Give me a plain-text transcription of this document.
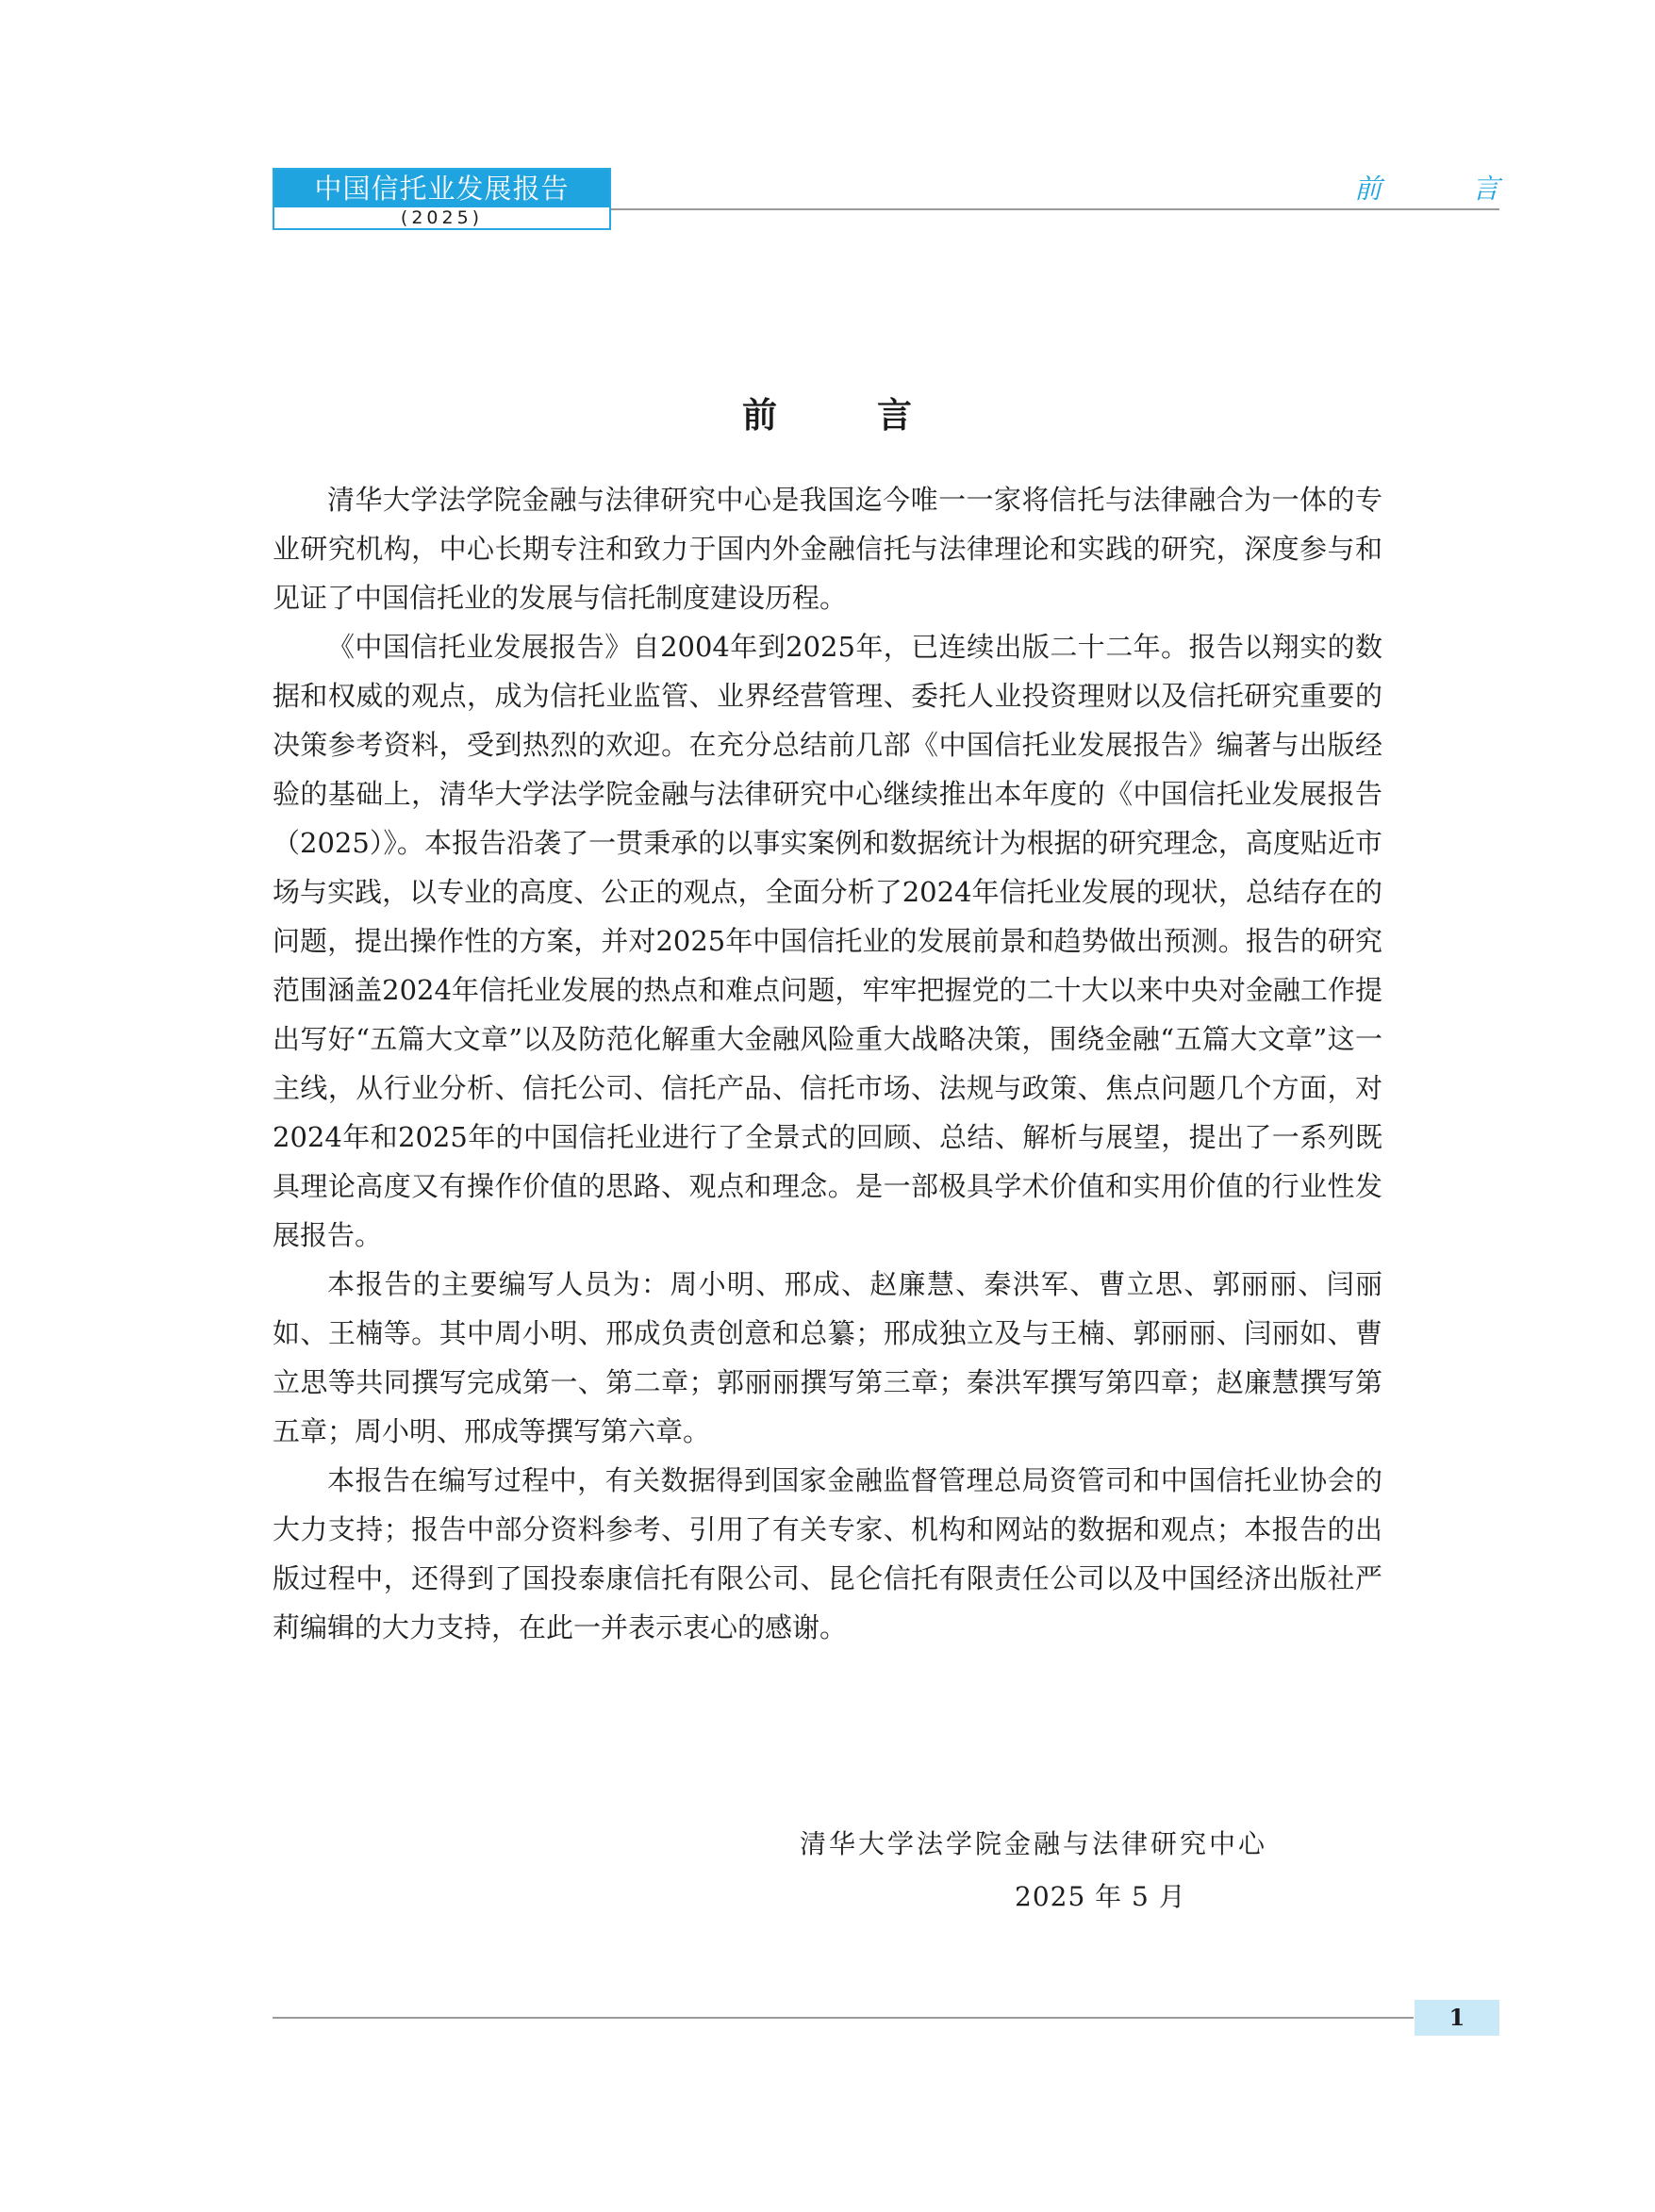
中国信托业发展报告
(2025)
前 言
前 言

清华大学法学院金融与法律研究中心是我国迄今唯一一家将信托与法律融合为一体的专业研究机构，中心长期专注和致力于国内外金融信托与法律理论和实践的研究，深度参与和见证了中国信托业的发展与信托制度建设历程。

《中国信托业发展报告》自2004年到2025年，已连续出版二十二年。报告以翔实的数据和权威的观点，成为信托业监管、业界经营管理、委托人业投资理财以及信托研究重要的决策参考资料，受到热烈的欢迎。在充分总结前几部《中国信托业发展报告》编著与出版经验的基础上，清华大学法学院金融与法律研究中心继续推出本年度的《中国信托业发展报告（2025）》。本报告沿袭了一贯秉承的以事实案例和数据统计为根据的研究理念，高度贴近市场与实践，以专业的高度、公正的观点，全面分析了2024年信托业发展的现状，总结存在的问题，提出操作性的方案，并对2025年中国信托业的发展前景和趋势做出预测。报告的研究范围涵盖2024年信托业发展的热点和难点问题，牢牢把握党的二十大以来中央对金融工作提出写好“五篇大文章”以及防范化解重大金融风险重大战略决策，围绕金融“五篇大文章”这一主线，从行业分析、信托公司、信托产品、信托市场、法规与政策、焦点问题几个方面，对2024年和2025年的中国信托业进行了全景式的回顾、总结、解析与展望，提出了一系列既具理论高度又有操作价值的思路、观点和理念。是一部极具学术价值和实用价值的行业性发展报告。

本报告的主要编写人员为：周小明、邢成、赵廉慧、秦洪军、曹立思、郭丽丽、闫丽如、王楠等。其中周小明、邢成负责创意和总纂；邢成独立及与王楠、郭丽丽、闫丽如、曹立思等共同撰写完成第一、第二章；郭丽丽撰写第三章；秦洪军撰写第四章；赵廉慧撰写第五章；周小明、邢成等撰写第六章。

本报告在编写过程中，有关数据得到国家金融监督管理总局资管司和中国信托业协会的大力支持；报告中部分资料参考、引用了有关专家、机构和网站的数据和观点；本报告的出版过程中，还得到了国投泰康信托有限公司、昆仑信托有限责任公司以及中国经济出版社严莉编辑的大力支持，在此一并表示衷心的感谢。

清华大学法学院金融与法律研究中心
2025 年 5 月
1
